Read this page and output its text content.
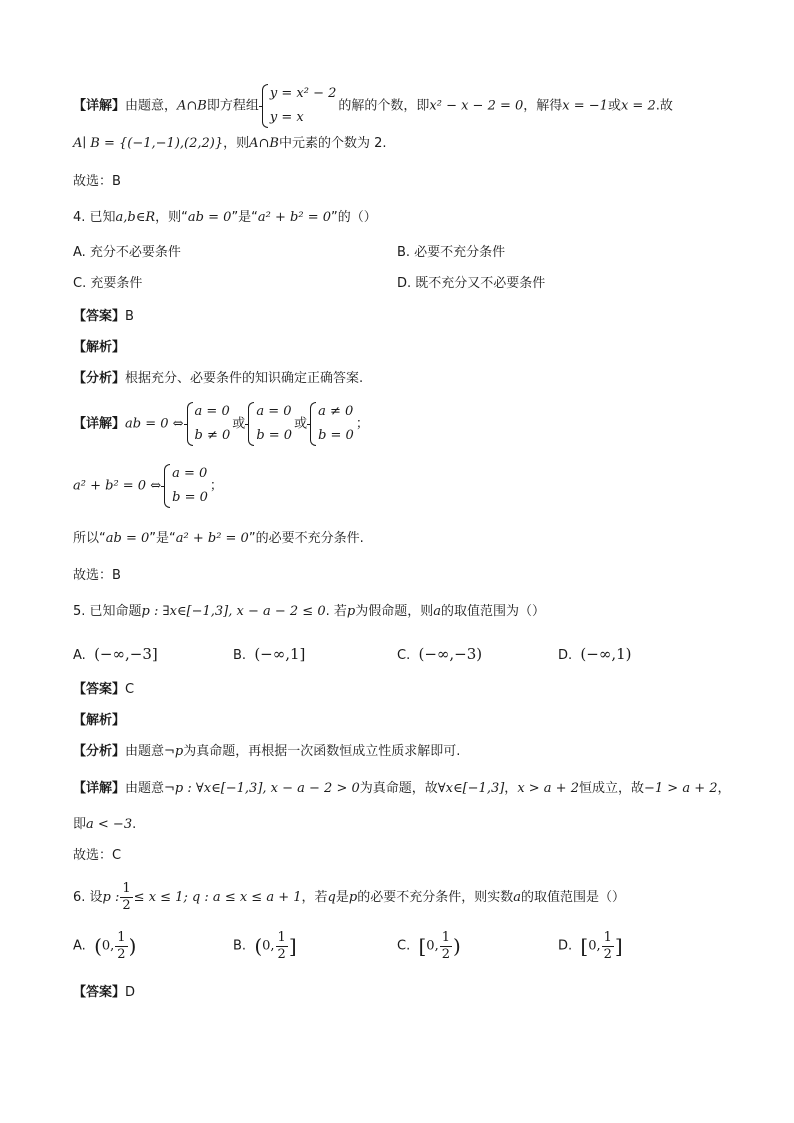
【详解】由题意，A∩B即方程组
y = x² − 2
y = x
的解的个数，即x² − x − 2 = 0，解得x = −1或x = 2.故
A∣ B = {(−1,−1),(2,2)}，则A∩B中元素的个数为 2.
故选：B
4. 已知a,b∈R，则“ab = 0”是“a² + b² = 0”的（）
A. 充分不必要条件	B. 必要不充分条件
C. 充要条件	D. 既不充分又不必要条件
【答案】B
【解析】
【分析】根据充分、必要条件的知识确定正确答案.
【详解】ab = 0 ⇔
a = 0
b ≠ 0
或
a = 0
b = 0
或
a ≠ 0
b = 0
；
a² + b² = 0 ⇔
a = 0
b = 0
；
所以“ab = 0”是“a² + b² = 0”的必要不充分条件.
故选：B
5. 已知命题p : ∃x∈[−1,3], x − a − 2 ≤ 0. 若p为假命题，则a的取值范围为（）
A. (−∞,−3]	B. (−∞,1]	C. (−∞,−3)	D. (−∞,1)
【答案】C
【解析】
【分析】由题意¬p为真命题，再根据一次函数恒成立性质求解即可.
【详解】由题意¬p : ∀x∈[−1,3], x − a − 2 > 0为真命题，故∀x∈[−1,3]，x > a + 2恒成立，故−1 > a + 2，
即a < −3.
故选：C
6. 设p : $\frac{1}{2} \le x \le 1$; q : a ≤ x ≤ a + 1，若q是p的必要不充分条件，则实数a的取值范围是（）
A. (0, $\frac{1}{2}$ )	B. (0, $\frac{1}{2}$ ]	C. [0, $\frac{1}{2}$ )	D. [0, $\frac{1}{2}$ ]
【答案】D
